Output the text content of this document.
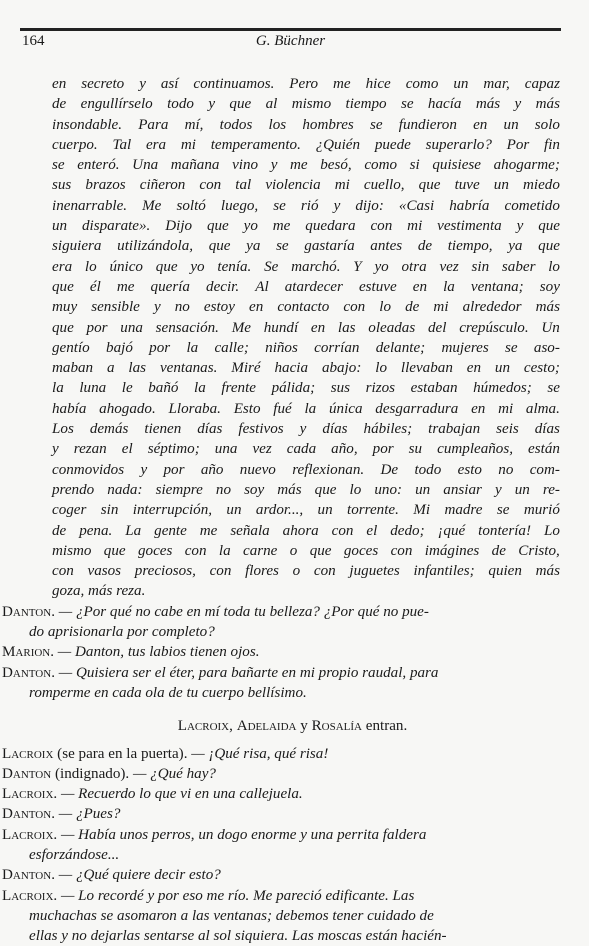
164	G. Büchner
en secreto y así continuamos. Pero me hice como un mar, capaz
de engullírselo todo y que al mismo tiempo se hacía más y más
insondable. Para mí, todos los hombres se fundieron en un solo
cuerpo. Tal era mi temperamento. ¿Quién puede superarlo? Por fin
se enteró. Una mañana vino y me besó, como si quisiese ahogarme;
sus brazos ciñeron con tal violencia mi cuello, que tuve un miedo
inenarrable. Me soltó luego, se rió y dijo: «Casi habría cometido
un disparate». Dijo que yo me quedara con mi vestimenta y que
siguiera utilizándola, que ya se gastaría antes de tiempo, ya que
era lo único que yo tenía. Se marchó. Y yo otra vez sin saber lo
que él me quería decir. Al atardecer estuve en la ventana; soy
muy sensible y no estoy en contacto con lo de mi alrededor más
que por una sensación. Me hundí en las oleadas del crepúsculo. Un
gentío bajó por la calle; niños corrían delante; mujeres se aso-
maban a las ventanas. Miré hacia abajo: lo llevaban en un cesto;
la luna le bañó la frente pálida; sus rizos estaban húmedos; se
había ahogado. Lloraba. Esto fué la única desgarradura en mi alma.
Los demás tienen días festivos y días hábiles; trabajan seis días
y rezan el séptimo; una vez cada año, por su cumpleaños, están
conmovidos y por año nuevo reflexionan. De todo esto no com-
prendo nada: siempre no soy más que lo uno: un ansiar y un re-
coger sin interrupción, un ardor..., un torrente. Mi madre se murió
de pena. La gente me señala ahora con el dedo; ¡qué tontería! Lo
mismo que goces con la carne o que goces con imágines de Cristo,
con vasos preciosos, con flores o con juguetes infantiles; quien más
goza, más reza.
Danton. — ¿Por qué no cabe en mí toda tu belleza? ¿Por qué no pue-
do aprisionarla por completo?
Marion. — Danton, tus labios tienen ojos.
Danton. — Quisiera ser el éter, para bañarte en mi propio raudal, para
romperme en cada ola de tu cuerpo bellísimo.
Lacroix, Adelaida y Rosalía entran.
Lacroix (se para en la puerta). — ¡Qué risa, qué risa!
Danton (indignado). — ¿Qué hay?
Lacroix. — Recuerdo lo que vi en una callejuela.
Danton. — ¿Pues?
Lacroix. — Había unos perros, un dogo enorme y una perrita faldera
esforzándose...
Danton. — ¿Qué quiere decir esto?
Lacroix. — Lo recordé y por eso me río. Me pareció edificante. Las
muchachas se asomaron a las ventanas; debemos tener cuidado de
ellas y no dejarlas sentarse al sol siquiera. Las moscas están hacién-
